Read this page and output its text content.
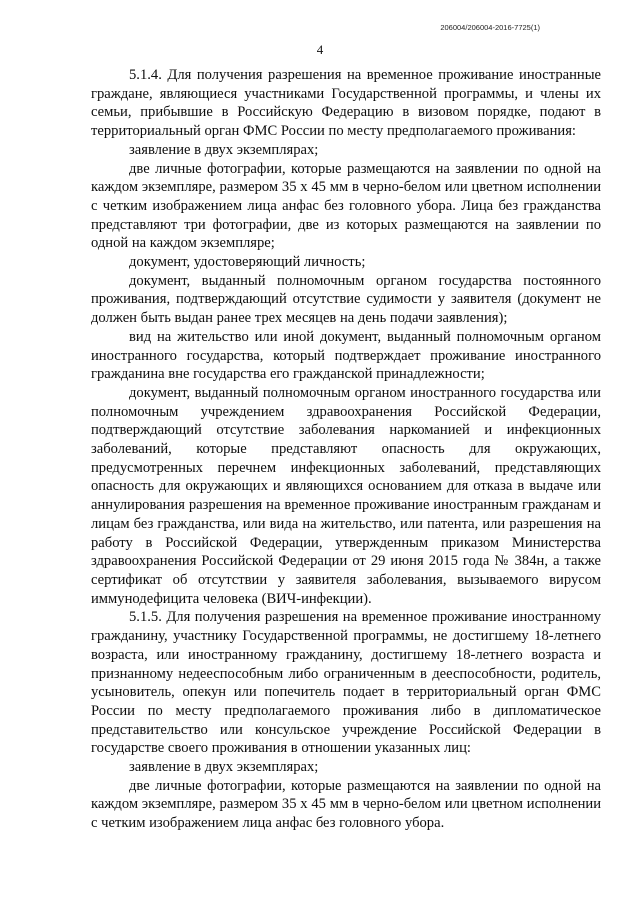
206004/206004-2016-7725(1)
4

5.1.4. Для получения разрешения на временное проживание иностранные граждане, являющиеся участниками Государственной программы, и члены их семьи, прибывшие в Российскую Федерацию в визовом порядке, подают в территориальный орган ФМС России по месту предполагаемого проживания:

заявление в двух экземплярах;

две личные фотографии, которые размещаются на заявлении по одной на каждом экземпляре, размером 35 х 45 мм в черно-белом или цветном исполнении с четким изображением лица анфас без головного убора. Лица без гражданства представляют три фотографии, две из которых размещаются на заявлении по одной на каждом экземпляре;

документ, удостоверяющий личность;

документ, выданный полномочным органом государства постоянного проживания, подтверждающий отсутствие судимости у заявителя (документ не должен быть выдан ранее трех месяцев на день подачи заявления);

вид на жительство или иной документ, выданный полномочным органом иностранного государства, который подтверждает проживание иностранного гражданина вне государства его гражданской принадлежности;

документ, выданный полномочным органом иностранного государства или полномочным учреждением здравоохранения Российской Федерации, подтверждающий отсутствие заболевания наркоманией и инфекционных заболеваний, которые представляют опасность для окружающих, предусмотренных перечнем инфекционных заболеваний, представляющих опасность для окружающих и являющихся основанием для отказа в выдаче или аннулирования разрешения на временное проживание иностранным гражданам и лицам без гражданства, или вида на жительство, или патента, или разрешения на работу в Российской Федерации, утвержденным приказом Министерства здравоохранения Российской Федерации от 29 июня 2015 года № 384н, а также сертификат об отсутствии у заявителя заболевания, вызываемого вирусом иммунодефицита человека (ВИЧ-инфекции).

5.1.5. Для получения разрешения на временное проживание иностранному гражданину, участнику Государственной программы, не достигшему 18-летнего возраста, или иностранному гражданину, достигшему 18-летнего возраста и признанному недееспособным либо ограниченным в дееспособности, родитель, усыновитель, опекун или попечитель подает в территориальный орган ФМС России по месту предполагаемого проживания либо в дипломатическое представительство или консульское учреждение Российской Федерации в государстве своего проживания в отношении указанных лиц:

заявление в двух экземплярах;

две личные фотографии, которые размещаются на заявлении по одной на каждом экземпляре, размером 35 х 45 мм в черно-белом или цветном исполнении с четким изображением лица анфас без головного убора.
